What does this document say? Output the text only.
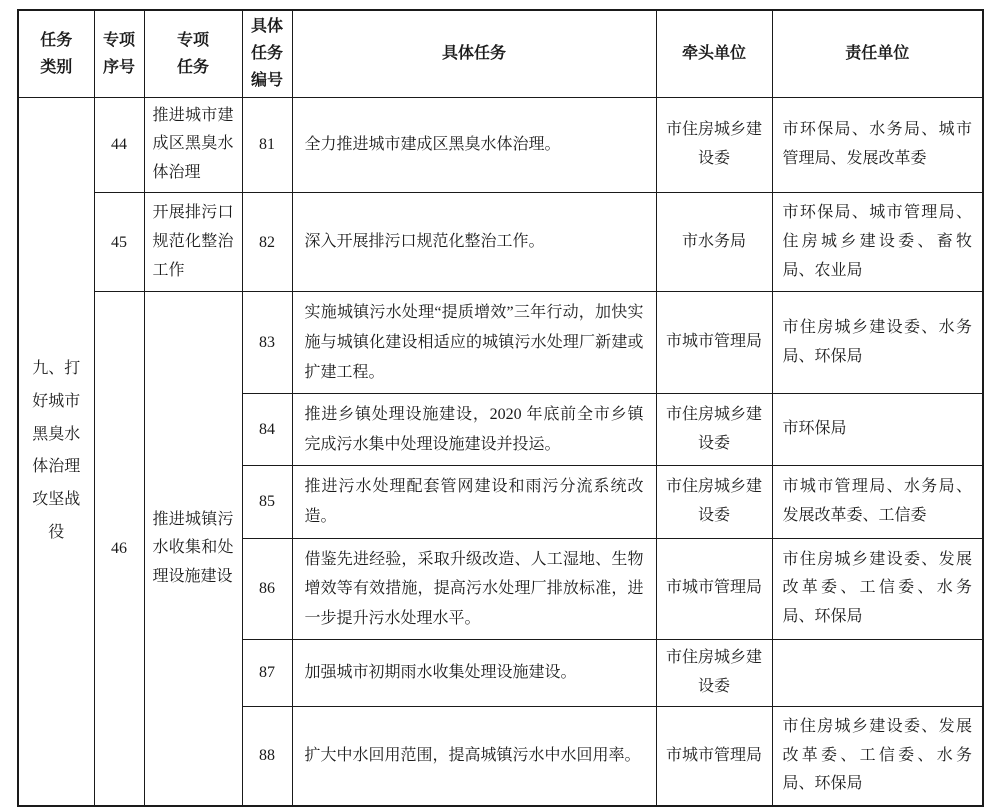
任务类别	专项序号	专项任务	具体任务编号	具体任务	牵头单位	责任单位
九、打好城市黑臭水体治理攻坚战役	44	推进城市建成区黑臭水体治理	81	全力推进城市建成区黑臭水体治理。	市住房城乡建设委	市环保局、水务局、城市管理局、发展改革委
	45	开展排污口规范化整治工作	82	深入开展排污口规范化整治工作。	市水务局	市环保局、城市管理局、住房城乡建设委、畜牧局、农业局
	46	推进城镇污水收集和处理设施建设	83	实施城镇污水处理“提质增效”三年行动，加快实施与城镇化建设相适应的城镇污水处理厂新建或扩建工程。	市城市管理局	市住房城乡建设委、水务局、环保局
			84	推进乡镇处理设施建设，2020 年底前全市乡镇完成污水集中处理设施建设并投运。	市住房城乡建设委	市环保局
			85	推进污水处理配套管网建设和雨污分流系统改造。	市住房城乡建设委	市城市管理局、水务局、发展改革委、工信委
			86	借鉴先进经验，采取升级改造、人工湿地、生物增效等有效措施，提高污水处理厂排放标准，进一步提升污水处理水平。	市城市管理局	市住房城乡建设委、发展改革委、工信委、水务局、环保局
			87	加强城市初期雨水收集处理设施建设。	市住房城乡建设委	
			88	扩大中水回用范围，提高城镇污水中水回用率。	市城市管理局	市住房城乡建设委、发展改革委、工信委、水务局、环保局
